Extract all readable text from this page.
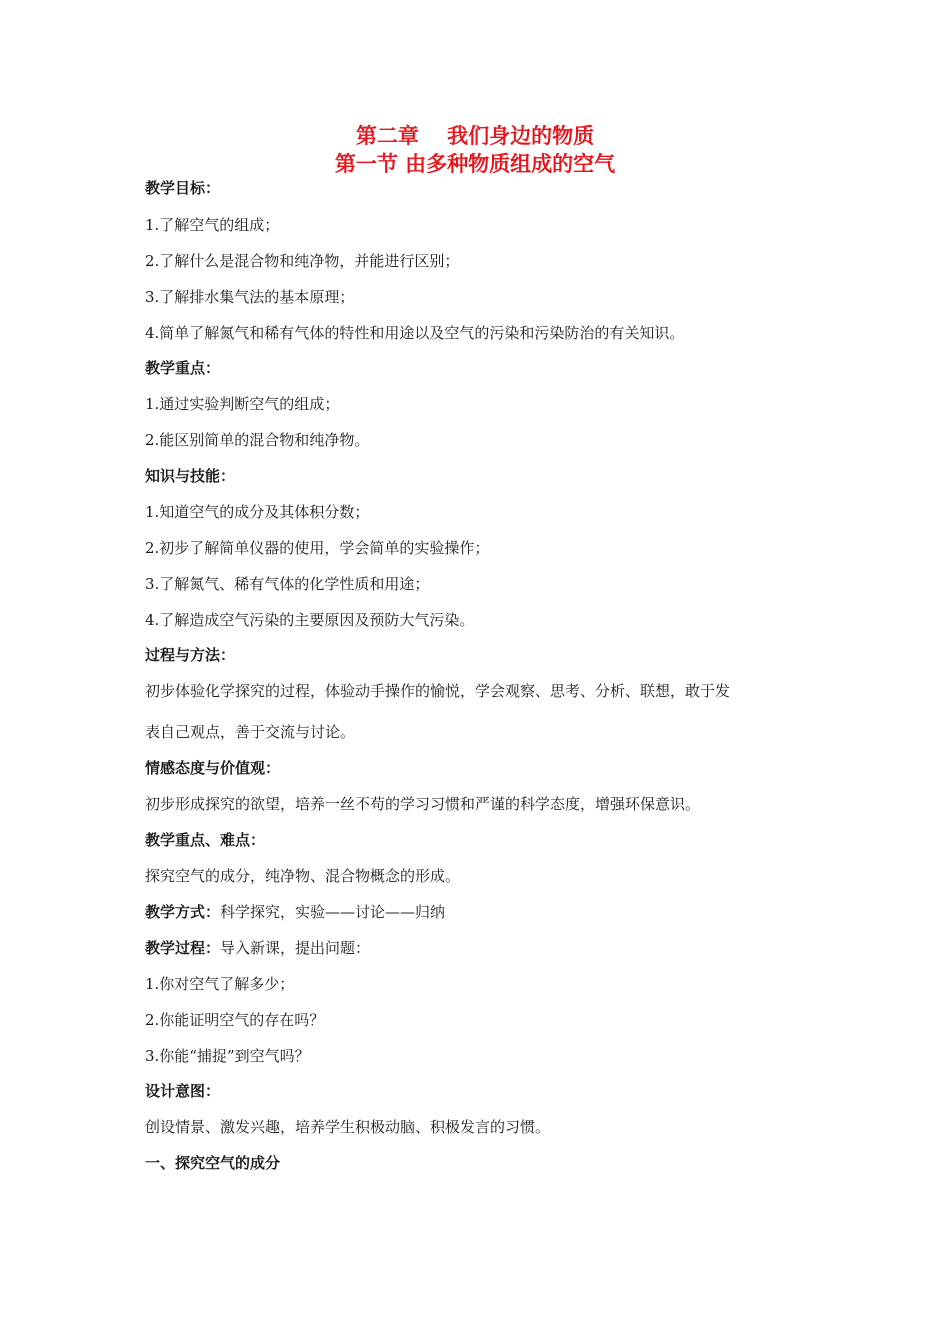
第二章　 我们身边的物质
第一节 由多种物质组成的空气
教学目标：
1.了解空气的组成；
2.了解什么是混合物和纯净物，并能进行区别；
3.了解排水集气法的基本原理；
4.简单了解氮气和稀有气体的特性和用途以及空气的污染和污染防治的有关知识。
教学重点：
1.通过实验判断空气的组成；
2.能区别简单的混合物和纯净物。
知识与技能：
1.知道空气的成分及其体积分数；
2.初步了解简单仪器的使用，学会简单的实验操作；
3.了解氮气、稀有气体的化学性质和用途；
4.了解造成空气污染的主要原因及预防大气污染。
过程与方法：
初步体验化学探究的过程，体验动手操作的愉悦，学会观察、思考、分析、联想，敢于发
表自己观点，善于交流与讨论。
情感态度与价值观：
初步形成探究的欲望，培养一丝不苟的学习习惯和严谨的科学态度，增强环保意识。
教学重点、难点：
探究空气的成分，纯净物、混合物概念的形成。
教学方式：科学探究，实验——讨论——归纳
教学过程：导入新课，提出问题：
1.你对空气了解多少；
2.你能证明空气的存在吗？
3.你能“捕捉”到空气吗？
设计意图：
创设情景、激发兴趣，培养学生积极动脑、积极发言的习惯。
一、探究空气的成分
